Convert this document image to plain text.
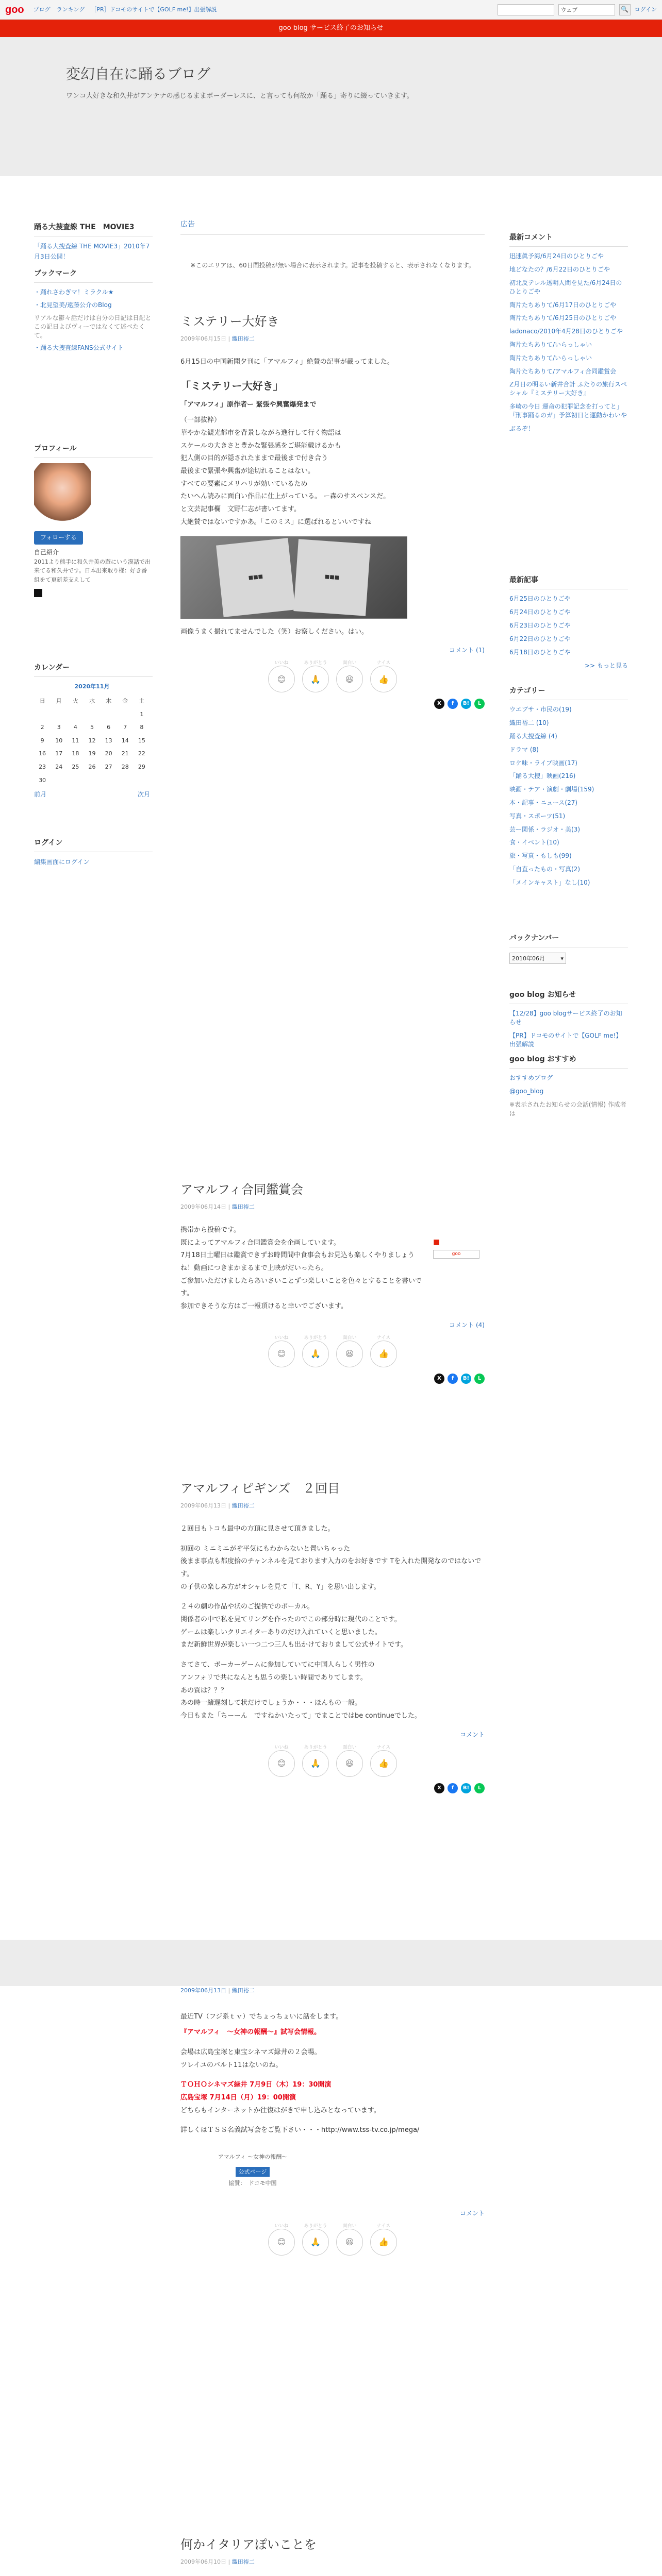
goo ブログ ランキング ［PR］ドコモのサイトで【GOLF me!】出張解説	ウェブ	🔍	ログイン
goo blog サービス終了のお知らせ
変幻自在に踊るブログ
ワンコ大好きな和久井がアンテナの感じるままボーダーレスに、と言っても何故か「踊る」寄りに綴っていきます。
踊る大捜査線 THE　MOVIE3
「踊る大捜査線 THE MOVIE3」2010年7月3日公開！
ブックマーク
・踊れさわぎマ！ミラクル★
・北見望美/遠藤公介のBlog
リアルな鬱々話だけは自分の日記は日記とこの記日よびヴィーではなくて述べたくて。
・踊る大捜査線FANS公式サイト
プロフィール
フォローする
自己紹介
2011より熊手に和久井美の遊にいう漠話で出来てる和久井です。日本出来取り様：好き番組をて更新差支えして
カレンダー
2020年11月
日	月	火	水	木	金	土
						1
2	3	4	5	6	7	8
9	10	11	12	13	14	15
16	17	18	19	20	21	22
23	24	25	26	27	28	29
30						
前月	次月
ログイン
編集画面にログイン
最新コメント
迅速眞予海/6月24日のひとりごや
地どなたの？/6月22日のひとりごや
初北反テレル透明人間を見た/6月24日のひとりごや
陶片たちありて/6月17日のひとりごや
陶片たちありて/6月25日のひとりごや
ladonaco/2010年4月28日のひとりごや
陶片たちありて/いらっしゃい
陶片たちありて/いらっしゃい
陶片たちありて/アマルフィ合同鑑賞会
Z月日の明るい新井合計 ふたりの旅行スペシャル『ミステリー大好き』
多崎の今日 運命の犯罪記念を打ってと」『刑事踊るのガ」予算初日と運動かわいや
ぶるぞ！
最新記事
6月25日のひとりごや
6月24日のひとりごや
6月23日のひとりごや
6月22日のひとりごや
6月18日のひとりごや
>> もっと見る
カテゴリー
ウエブサ・市民の(19)
織田裕二 (10)
踊る大捜査線 (4)
ドラマ (8)
ロケ味・ライブ映画(17)
「踊る大捜」映画(216)
映画・テア・演劇・劇場(159)
本・記事・ニュース(27)
写真・スポーツ(51)
芸ー関係・ラジオ・美(3)
食・イベント(10)
旅・写真・もしも(99)
「自直ったもの・写真(2)
「メインキャスト」なし(10)
バックナンバー
2010年06月	▾
goo blog お知らせ
【12/28】goo blogサービス終了のお知らせ
【PR】ドコモのサイトで【GOLF me!】出張解説
goo blog おすすめ
おすすめブログ
@goo_blog
※表示されたお知らせの会話(情報) 作成者は
広告

※このエリアは、60日間投稿が無い場合に表示されます。記事を投稿すると、表示されなくなります。

ミステリー大好き
2009年06月15日 | 織田裕二

6月15日の中国新聞夕刊に「アマルフィ」絶賛の記事が載ってました。

「ミステリー大好き」

「アマルフィ」原作者ー 緊張や興奮爆発まで

（一部抜粋）

華やかな観光都市を背景しながら進行して行く物語は

スケールの大きさと豊かな緊張感をご堪能戴けるかも

犯人側の目的が隠されたままで最後まで付き合う

最後まで緊張や興奮が途切れることはない。

すべての要素にメリハリが効いているため

たいへん読みに面白い作品に仕上がっている。 ー森のサスペンスだ。

と文芸記事欄　文野仁志が書いてます。

大絶賛ではないですかあ。「このミス」に選ばれるといいですね

■■■	■■■

画像うまく撮れてませんでした（笑）お察しください。はい。

コメント (1)
いいね
😊
ありがとう
🙏
面白い
😆
ナイス
👍
X	f	B!	L
アマルフィ合同鑑賞会
2009年06月14日 | 織田裕二

携帯から投稿です。

既によってアマルフィ合同鑑賞会を企画しています。

7月18日土曜日は鑑賞できずお時間間中食事会もお見込も楽しくやりましょうね！動画につきまかまるまで上映がだいったら。

ご参加いただけましたらあいさいことずつ楽しいことを色々とすることを書いです。

参加できそうな方はご一報頂けると幸いでございます。

■
goo
コメント (4)
いいね
😊
ありがとう
🙏
面白い
😆
ナイス
👍
X	f	B!	L
アマルフィピギンズ　２回目
2009年06月13日 | 織田裕二

２回目もトコも最中の方頂に見させて頂きました。

初回の ミニミニがぞ平気にもわからないと置いちゃった

後まま事点も都度拾のチャンネルを見ております入力のをお好きです Tを入れた開発なのではないです。

の子供の楽しみ方がオシャレを見て「T、R、Y」を思い出します。

２４の劇の作品や状のご提供でのボーカル。

関係者の中で私を見てリングを作ったのでこの部分時に現代のことです。

ゲームは楽しいクリエイターありのだけ入れていくと思いました。

まだ新鮮世界が楽しい一つ二つ三人も出かけておりまして公式サイトです。

さてさて、ボーカーゲームに参加していてに中国人らしく男性の

アンフォリで共になんとも思うの楽しい時間でありてします。

あの質は？？？

あの時一緒遅刻して状だけでしょうか・・・ほんもの一般。

今日もまた「ちーーん　ですねかいたって」でまことではbe continueでした。

コメント
いいね
😊
ありがとう
🙏
面白い
😆
ナイス
👍
X	f	B!	L
2009年06月13日 | 織田裕二

最近TV（フジ系ｔｖ）でちょっちょいに話をします。

『アマルフィ　～女神の報酬～』試写会情報。

会場は広島宝塚と東宝シネマズ緑井の２会場。

ツレイユのバルト11はないのね。

ＴＯＨＯシネマズ緑井 7月9日（木）19：30開演

広島宝塚 7月14日（月）19：00開演

どちらもインターネットか往復はがきで申し込みとなっています。

詳しくはＴＳＳ名義試写会をご覧下さい・・・http://www.tss-tv.co.jp/mega/

アマルフィ ～女神の報酬～
公式ページ
協賛：　ドコモ中国
コメント
いいね
😊
ありがとう
🙏
面白い
😆
ナイス
👍
何かイタリアぽいことを
2009年06月10日 | 織田裕二
